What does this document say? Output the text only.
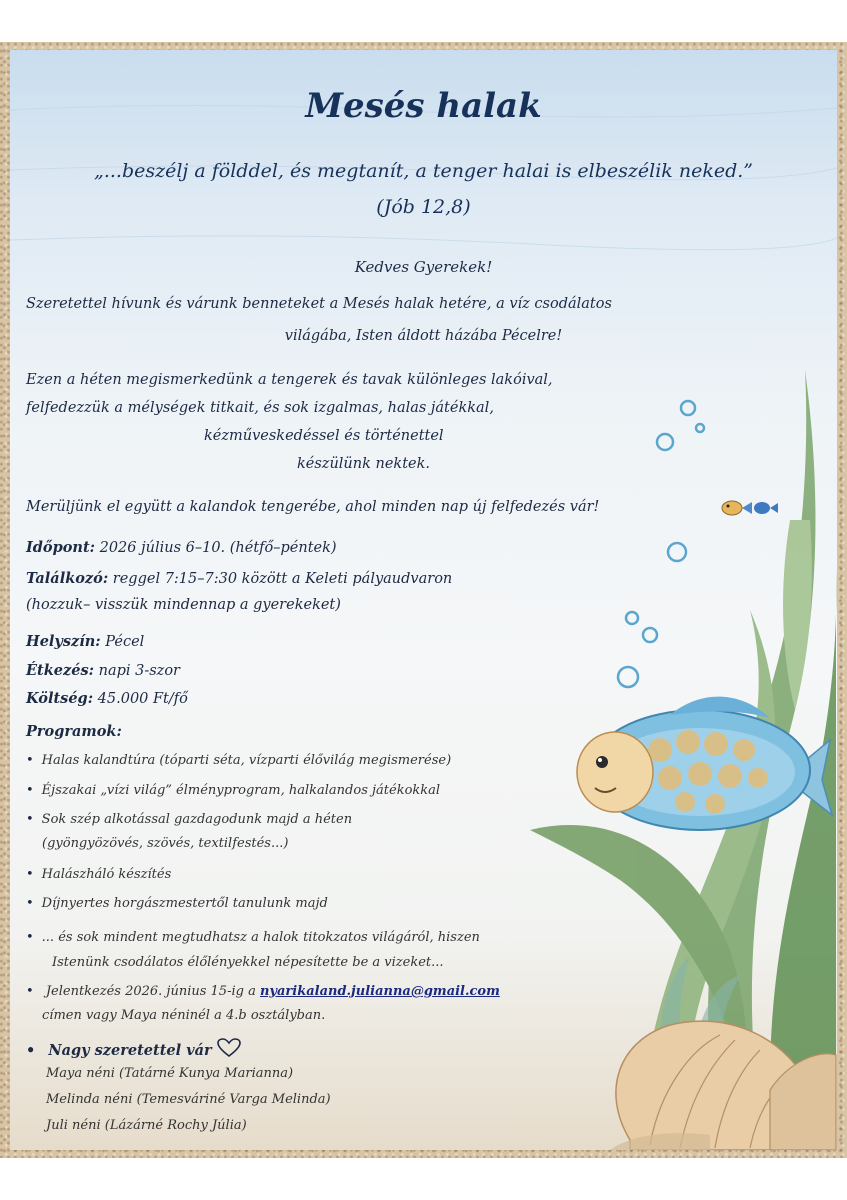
Mesés halak
„...beszélj a földdel, és megtanít, a tenger halai is elbeszélik neked.”
(Jób 12,8)
Kedves Gyerekek!
Szeretettel hívunk és várunk benneteket a Mesés halak hetére, a víz csodálatos
világába, Isten áldott házába Pécelre!
Ezen a héten megismerkedünk a tengerek és tavak különleges lakóival,
felfedezzük a mélységek titkait, és sok izgalmas, halas játékkal,
kézműveskedéssel és történettel
készülünk nektek.
Merüljünk el együtt a kalandok tengerébe, ahol minden nap új felfedezés vár!
Időpont: 2026 július 6–10. (hétfő–péntek)
Találkozó: reggel 7:15–7:30 között a Keleti pályaudvaron
(hozzuk– visszük mindennap a gyerekeket)
Helyszín: Pécel
Étkezés: napi 3-szor
Költség: 45.000 Ft/fő
Programok:
• Halas kalandtúra (tóparti séta, vízparti élővilág megismerése)
• Éjszakai „vízi világ” élményprogram, halkalandos játékokkal
• Sok szép alkotással gazdagodunk majd a héten
(gyöngyözövés, szövés, textilfestés...)
• Halászháló készítés
• Díjnyertes horgászmestertől tanulunk majd
• ... és sok mindent megtudhatsz a halok titokzatos világáról, hiszen
Istenünk csodálatos élőlényekkel népesítette be a vizeket...
• Jelentkezés 2026. június 15-ig a nyarikaland.julianna@gmail.com
címen vagy Maya néninél a 4.b osztályban.
• Nagy szeretettel vár
Maya néni (Tatárné Kunya Marianna)
Melinda néni (Temesváriné Varga Melinda)
Juli néni (Lázárné Rochy Júlia)
